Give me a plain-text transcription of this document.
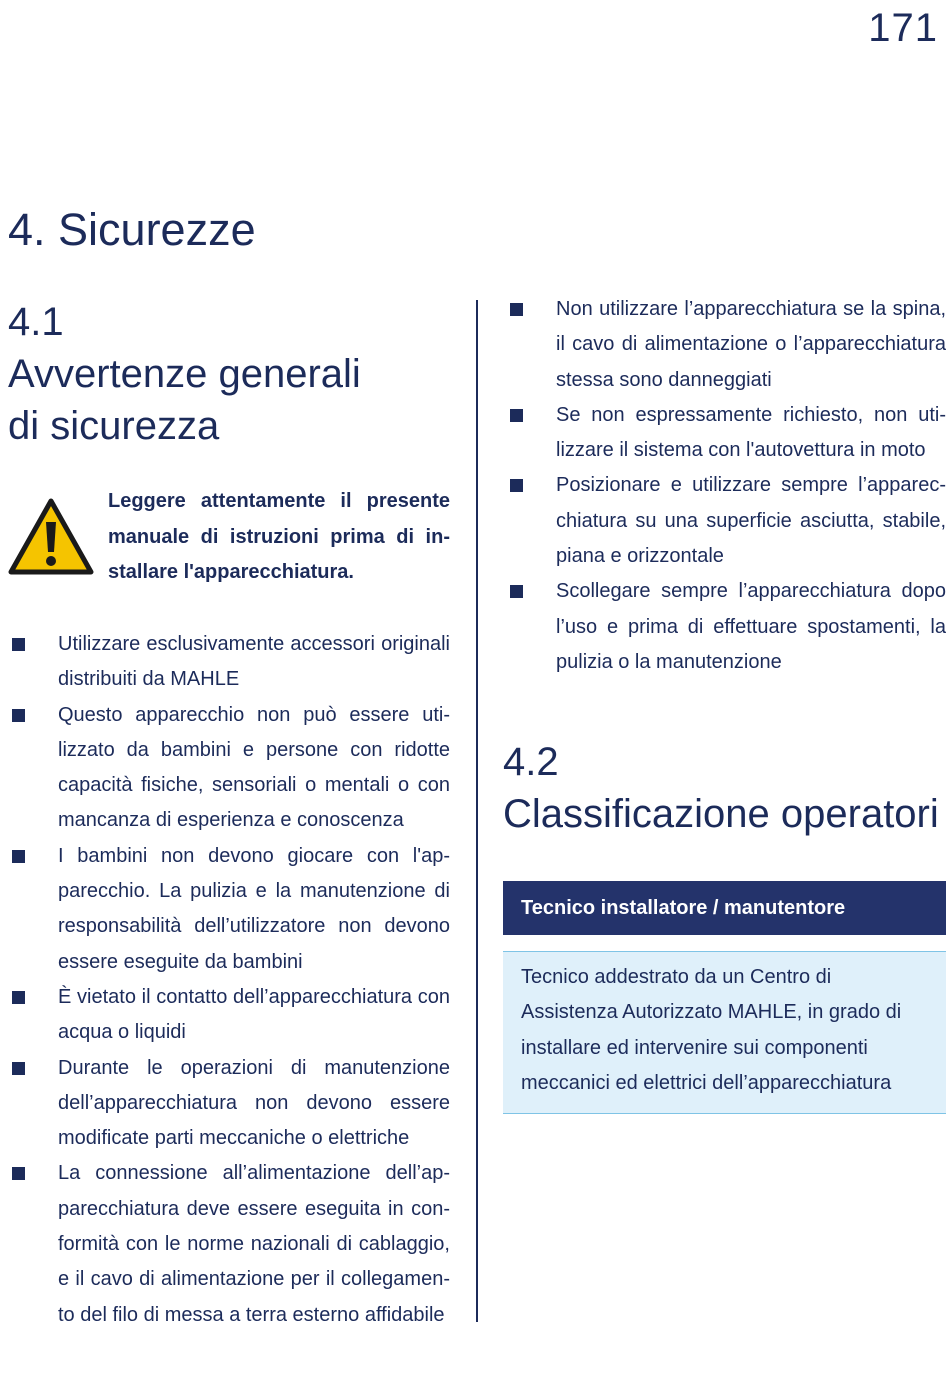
171
4. Sicurezze
4.1
Avvertenze generali di sicurezza

Leggere attentamente il presente manuale di istruzioni prima di installare l'apparecchiatura.

Utilizzare esclusivamente accessori originali distribuiti da MAHLE
Questo apparecchio non può essere utilizzato da bambini e persone con ridotte capacità fisiche, sensoriali o mentali o con mancanza di esperienza e conoscenza
I bambini non devono giocare con l'apparecchio. La pulizia e la manutenzione di responsabilità dell’utilizzatore non devono essere eseguite da bambini
È vietato il contatto dell’apparecchiatura con acqua o liquidi
Durante le operazioni di manutenzione dell’apparecchiatura non devono essere modificate parti meccaniche o elettriche
La connessione all’alimentazione dell’apparecchiatura deve essere eseguita in conformità con le norme nazionali di cablaggio, e il cavo di alimentazione per il collegamento del filo di messa a terra esterno affidabile
Non utilizzare l’apparecchiatura se la spina, il cavo di alimentazione o l’apparecchiatura stessa sono danneggiati
Se non espressamente richiesto, non utilizzare il sistema con l'autovettura in moto
Posizionare e utilizzare sempre l’apparecchiatura su una superficie asciutta, stabile, piana e orizzontale
Scollegare sempre l’apparecchiatura dopo l’uso e prima di effettuare spostamenti, la pulizia o la manutenzione
4.2
Classificazione operatori
Tecnico installatore / manutentore
Tecnico addestrato da un Centro di Assistenza Autorizzato MAHLE, in grado di installare ed intervenire sui componenti meccanici ed elettrici dell’apparecchiatura
